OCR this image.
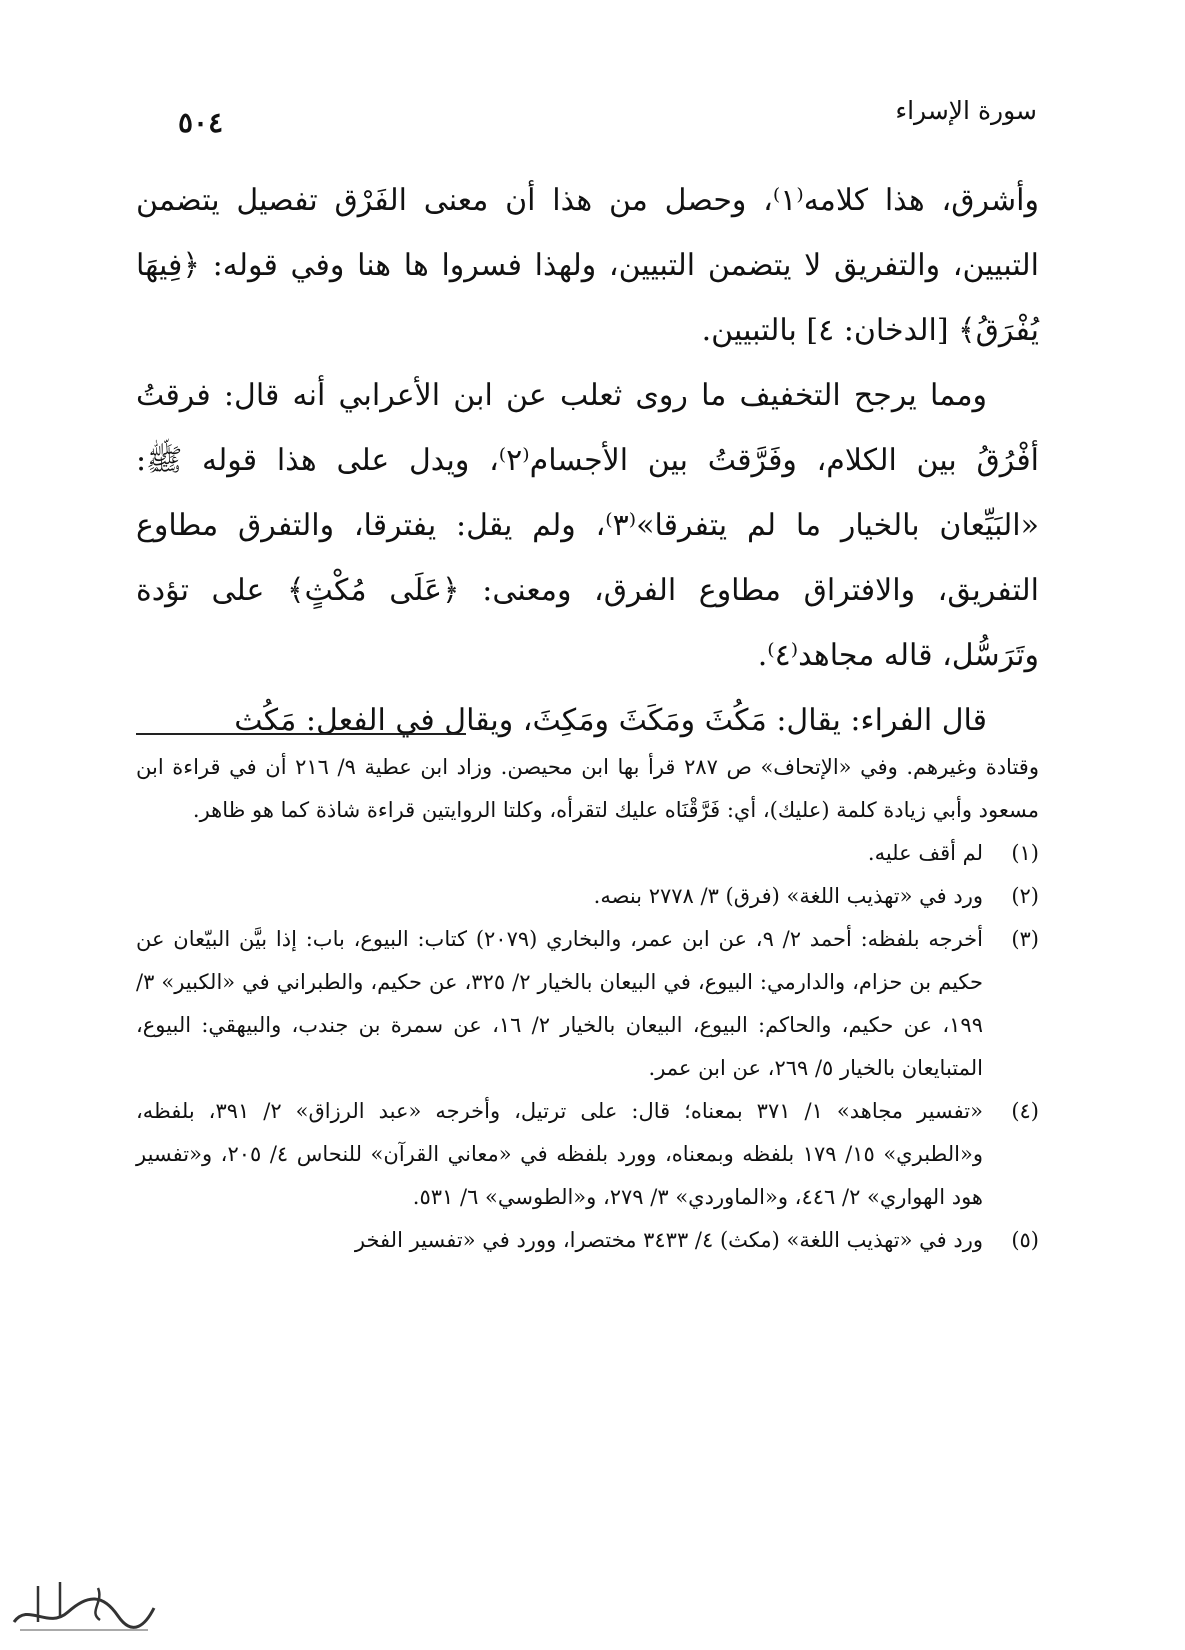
سورة الإسراء
٥٠٤

وأشرق، هذا كلامه⁽١⁾، وحصل من هذا أن معنى الفَرْق تفصيل يتضمن التبيين، والتفريق لا يتضمن التبيين، ولهذا فسروا ها هنا وفي قوله: ﴿فِيهَا يُفْرَقُ﴾ [الدخان: ٤] بالتبيين.

ومما يرجح التخفيف ما روى ثعلب عن ابن الأعرابي أنه قال: فرقتُ أفْرُقُ بين الكلام، وفَرَّقتُ بين الأجسام⁽٢⁾، ويدل على هذا قوله ﷺ: «البَيِّعان بالخيار ما لم يتفرقا»⁽٣⁾، ولم يقل: يفترقا، والتفرق مطاوع التفريق، والافتراق مطاوع الفرق، ومعنى: ﴿عَلَى مُكْثٍ﴾ على تؤدة وتَرَسُّل، قاله مجاهد⁽٤⁾.

قال الفراء: يقال: مَكُثَ ومَكَثَ ومَكِثَ، ويقال في الفعل: مَكُث

وقتادة وغيرهم. وفي «الإتحاف» ص ٢٨٧ قرأ بها ابن محيصن. وزاد ابن عطية ٩/ ٢١٦ أن في قراءة ابن مسعود وأبي زيادة كلمة (عليك)، أي: فَرَّقْنَاه عليك لتقرأه، وكلتا الروايتين قراءة شاذة كما هو ظاهر.

(١)
لم أقف عليه.
(٢)
ورد في «تهذيب اللغة» (فرق) ٣/ ٢٧٧٨ بنصه.
(٣)
أخرجه بلفظه: أحمد ٢/ ٩، عن ابن عمر، والبخاري (٢٠٧٩) كتاب: البيوع، باب: إذا بيَّن البيّعان عن حكيم بن حزام، والدارمي: البيوع، في البيعان بالخيار ٢/ ٣٢٥، عن حكيم، والطبراني في «الكبير» ٣/ ١٩٩، عن حكيم، والحاكم: البيوع، البيعان بالخيار ٢/ ١٦، عن سمرة بن جندب، والبيهقي: البيوع، المتبايعان بالخيار ٥/ ٢٦٩، عن ابن عمر.
(٤)
«تفسير مجاهد» ١/ ٣٧١ بمعناه؛ قال: على ترتيل، وأخرجه «عبد الرزاق» ٢/ ٣٩١، بلفظه، و«الطبري» ١٥/ ١٧٩ بلفظه وبمعناه، وورد بلفظه في «معاني القرآن» للنحاس ٤/ ٢٠٥، و«تفسير هود الهواري» ٢/ ٤٤٦، و«الماوردي» ٣/ ٢٧٩، و«الطوسي» ٦/ ٥٣١.
(٥)
ورد في «تهذيب اللغة» (مكث) ٤/ ٣٤٣٣ مختصرا، وورد في «تفسير الفخر
